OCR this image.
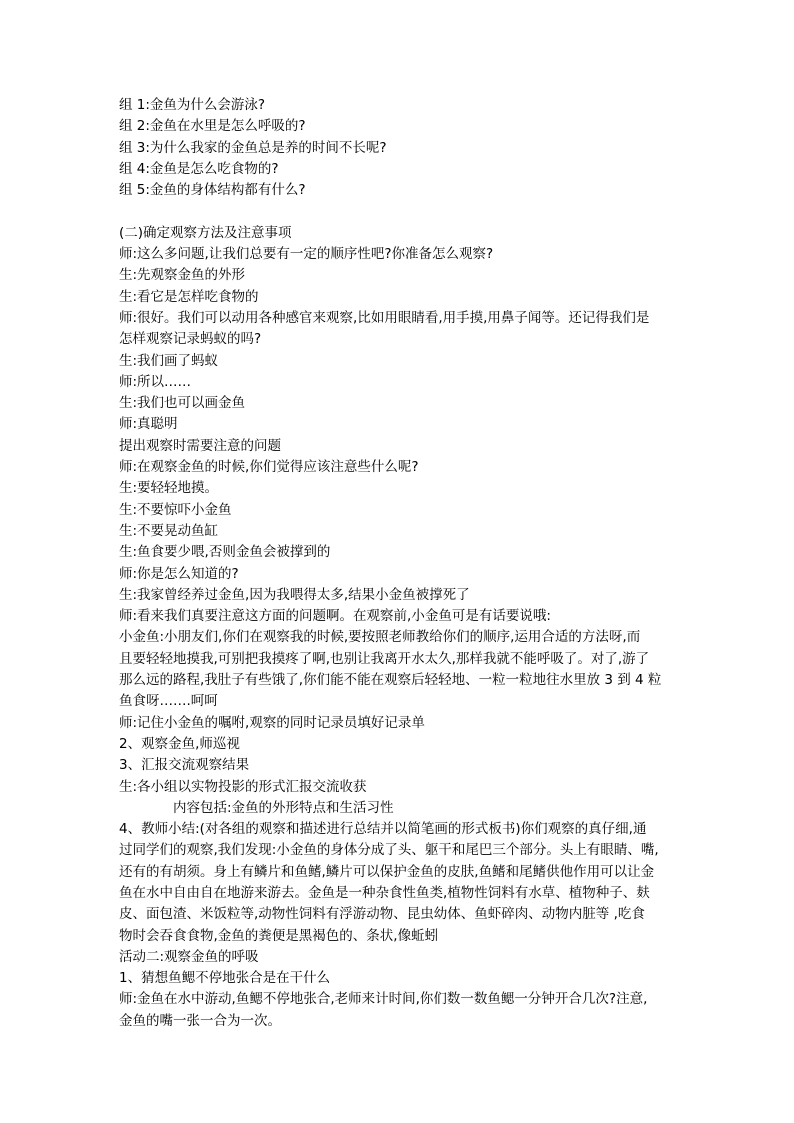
组 1:金鱼为什么会游泳?
组 2:金鱼在水里是怎么呼吸的?
组 3:为什么我家的金鱼总是养的时间不长呢?
组 4:金鱼是怎么吃食物的?
组 5:金鱼的身体结构都有什么?
(二)确定观察方法及注意事项
师:这么多问题,让我们总要有一定的顺序性吧?你准备怎么观察?
生:先观察金鱼的外形
生:看它是怎样吃食物的
师:很好。我们可以动用各种感官来观察,比如用眼睛看,用手摸,用鼻子闻等。还记得我们是
怎样观察记录蚂蚁的吗?
生:我们画了蚂蚁
师:所以……
生:我们也可以画金鱼
师:真聪明
提出观察时需要注意的问题
师:在观察金鱼的时候,你们觉得应该注意些什么呢?
生:要轻轻地摸。
生:不要惊吓小金鱼
生:不要晃动鱼缸
生:鱼食要少喂,否则金鱼会被撑到的
师:你是怎么知道的?
生:我家曾经养过金鱼,因为我喂得太多,结果小金鱼被撑死了
师:看来我们真要注意这方面的问题啊。在观察前,小金鱼可是有话要说哦:
小金鱼:小朋友们,你们在观察我的时候,要按照老师教给你们的顺序,运用合适的方法呀,而
且要轻轻地摸我,可别把我摸疼了啊,也别让我离开水太久,那样我就不能呼吸了。对了,游了
那么远的路程,我肚子有些饿了,你们能不能在观察后轻轻地、一粒一粒地往水里放 3 到 4 粒
鱼食呀…….呵呵
师:记住小金鱼的嘱咐,观察的同时记录员填好记录单
2、观察金鱼,师巡视
3、汇报交流观察结果
生:各小组以实物投影的形式汇报交流收获
内容包括:金鱼的外形特点和生活习性
4、教师小结:(对各组的观察和描述进行总结并以简笔画的形式板书)你们观察的真仔细,通
过同学们的观察,我们发现:小金鱼的身体分成了头、躯干和尾巴三个部分。头上有眼睛、嘴,
还有的有胡须。身上有鳞片和鱼鳍,鳞片可以保护金鱼的皮肤,鱼鳍和尾鳍供他作用可以让金
鱼在水中自由自在地游来游去。金鱼是一种杂食性鱼类,植物性饲料有水草、植物种子、麸
皮、面包渣、米饭粒等,动物性饲料有浮游动物、昆虫幼体、鱼虾碎肉、动物内脏等 ,吃食
物时会吞食食物,金鱼的粪便是黑褐色的、条状,像蚯蚓
活动二:观察金鱼的呼吸
1、猜想鱼鳃不停地张合是在干什么
师:金鱼在水中游动,鱼鳃不停地张合,老师来计时间,你们数一数鱼鳃一分钟开合几次?注意,
金鱼的嘴一张一合为一次。
